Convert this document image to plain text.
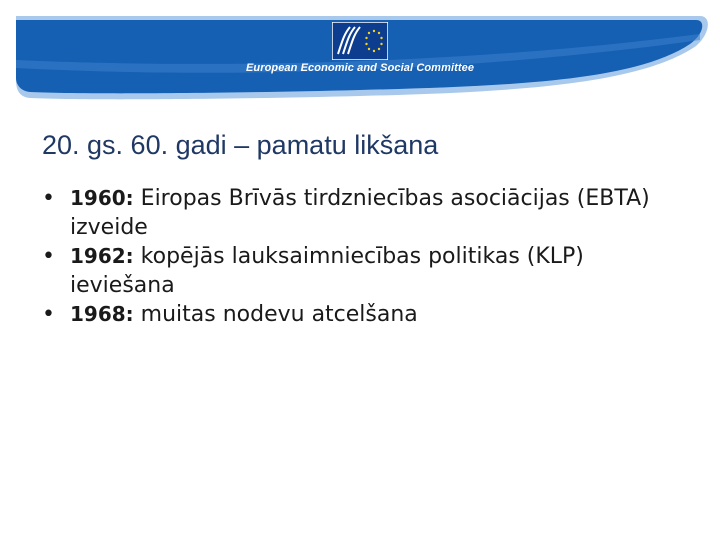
European Economic and Social Committee
20. gs. 60. gadi – pamatu likšana
• 1960: Eiropas Brīvās tirdzniecības asociācijas (EBTA) izveide
• 1962: kopējās lauksaimniecības politikas (KLP) ieviešana
• 1968: muitas nodevu atcelšana
